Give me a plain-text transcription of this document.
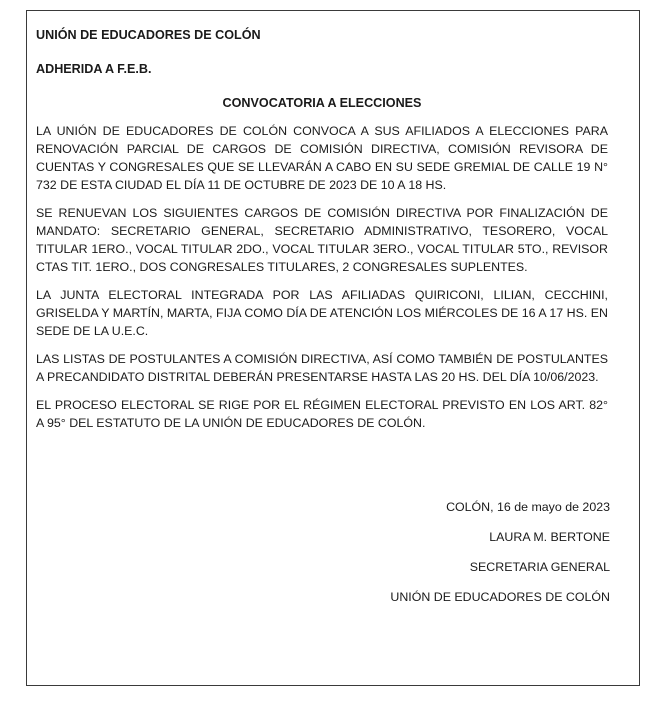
UNIÓN DE EDUCADORES DE COLÓN

ADHERIDA A F.E.B.

CONVOCATORIA A ELECCIONES

LA UNIÓN DE EDUCADORES DE COLÓN CONVOCA A SUS AFILIADOS A ELECCIONES PARA RENOVACIÓN PARCIAL DE CARGOS DE COMISIÓN DIRECTIVA, COMISIÓN REVISORA DE CUENTAS Y CONGRESALES QUE SE LLEVARÁN A CABO EN SU SEDE GREMIAL DE CALLE 19 N° 732 DE ESTA CIUDAD EL DÍA 11 DE OCTUBRE DE 2023 DE 10 A 18 HS.

SE RENUEVAN LOS SIGUIENTES CARGOS DE COMISIÓN DIRECTIVA POR FINALIZACIÓN DE MANDATO: SECRETARIO GENERAL, SECRETARIO ADMINISTRATIVO, TESORERO, VOCAL TITULAR 1ERO., VOCAL TITULAR 2DO., VOCAL TITULAR 3ERO., VOCAL TITULAR 5TO., REVISOR CTAS TIT. 1ERO., DOS CONGRESALES TITULARES, 2 CONGRESALES SUPLENTES.

LA JUNTA ELECTORAL INTEGRADA POR LAS AFILIADAS QUIRICONI, LILIAN, CECCHINI, GRISELDA Y MARTÍN, MARTA, FIJA COMO DÍA DE ATENCIÓN LOS MIÉRCOLES DE 16 A 17 HS. EN SEDE DE LA U.E.C.

LAS LISTAS DE POSTULANTES A COMISIÓN DIRECTIVA, ASÍ COMO TAMBIÉN DE POSTULANTES A PRECANDIDATO DISTRITAL DEBERÁN PRESENTARSE HASTA LAS 20 HS. DEL DÍA 10/06/2023.

EL PROCESO ELECTORAL SE RIGE POR EL RÉGIMEN ELECTORAL PREVISTO EN LOS ART. 82° A 95° DEL ESTATUTO DE LA UNIÓN DE EDUCADORES DE COLÓN.

COLÓN, 16 de mayo de 2023
LAURA M. BERTONE
SECRETARIA GENERAL
UNIÓN DE EDUCADORES DE COLÓN
